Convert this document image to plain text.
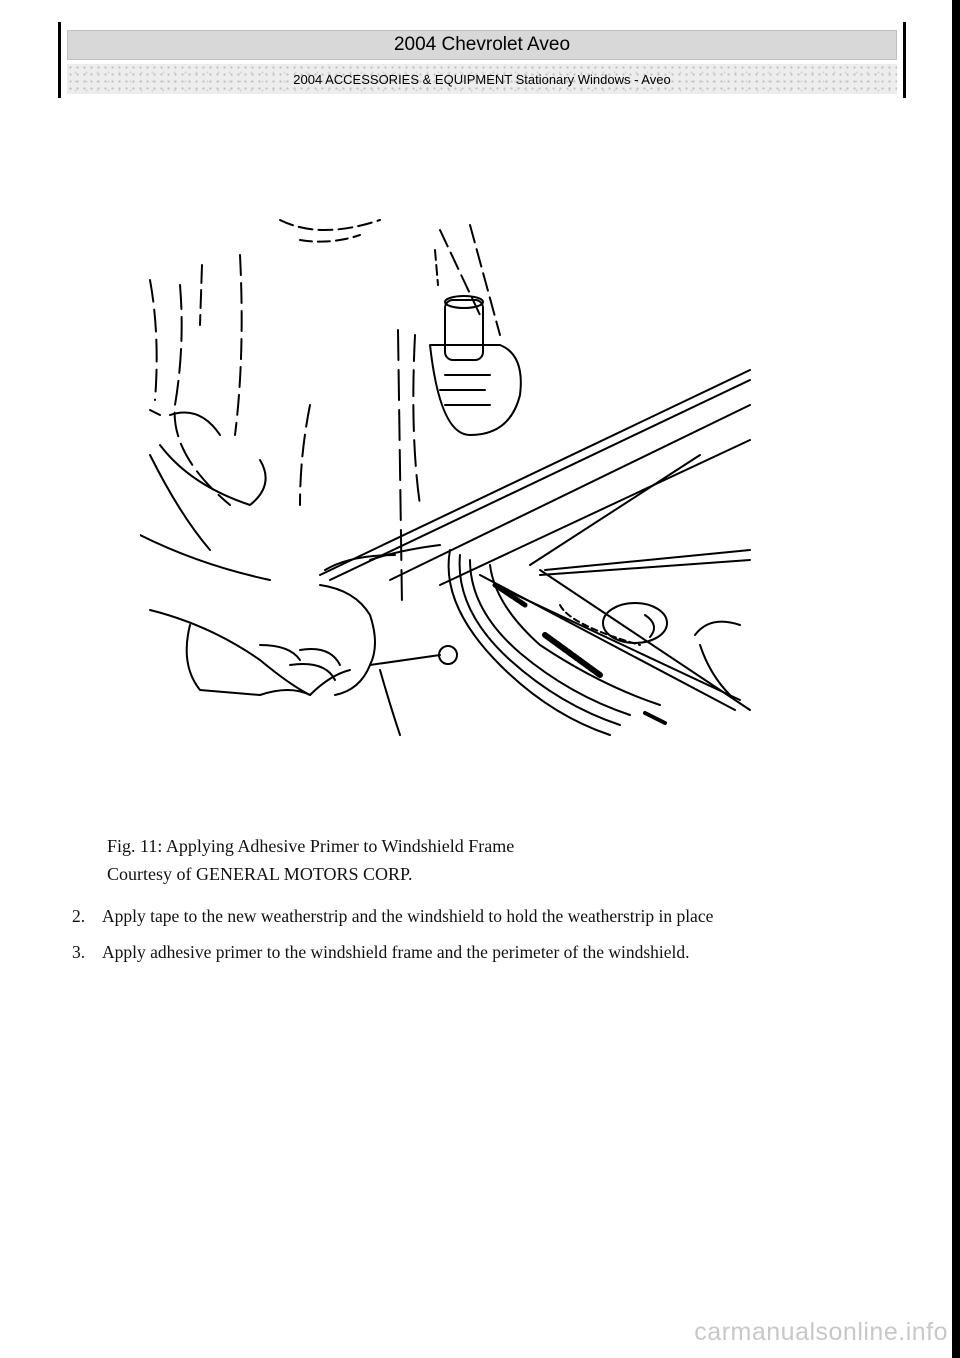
2004 Chevrolet Aveo
2004 ACCESSORIES & EQUIPMENT Stationary Windows - Aveo
Fig. 11: Applying Adhesive Primer to Windshield Frame
Courtesy of GENERAL MOTORS CORP.
2. Apply tape to the new weatherstrip and the windshield to hold the weatherstrip in place
3. Apply adhesive primer to the windshield frame and the perimeter of the windshield.
carmanualsonline.info
